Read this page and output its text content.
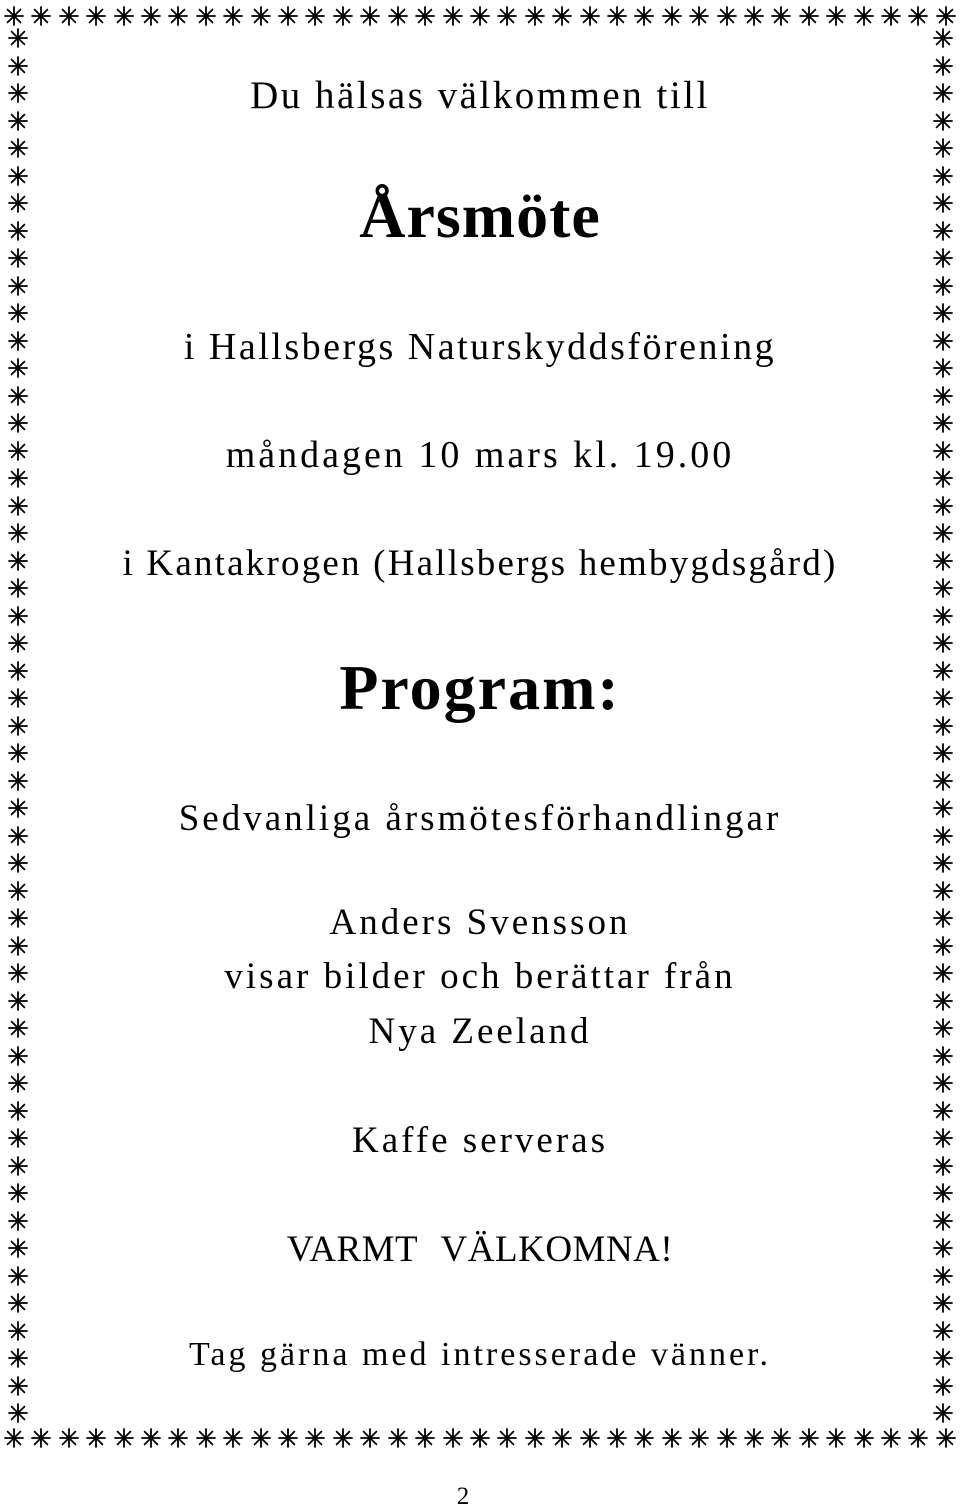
Du hälsas välkommen till
Årsmöte
i Hallsbergs Naturskyddsförening
måndagen 10 mars kl. 19.00
i Kantakrogen (Hallsbergs hembygdsgård)
Program:
Sedvanliga årsmötesförhandlingar
Anders Svensson
visar bilder och berättar från
Nya Zeeland
Kaffe serveras
VARMT VÄLKOMNA!
Tag gärna med intresserade vänner.
2
